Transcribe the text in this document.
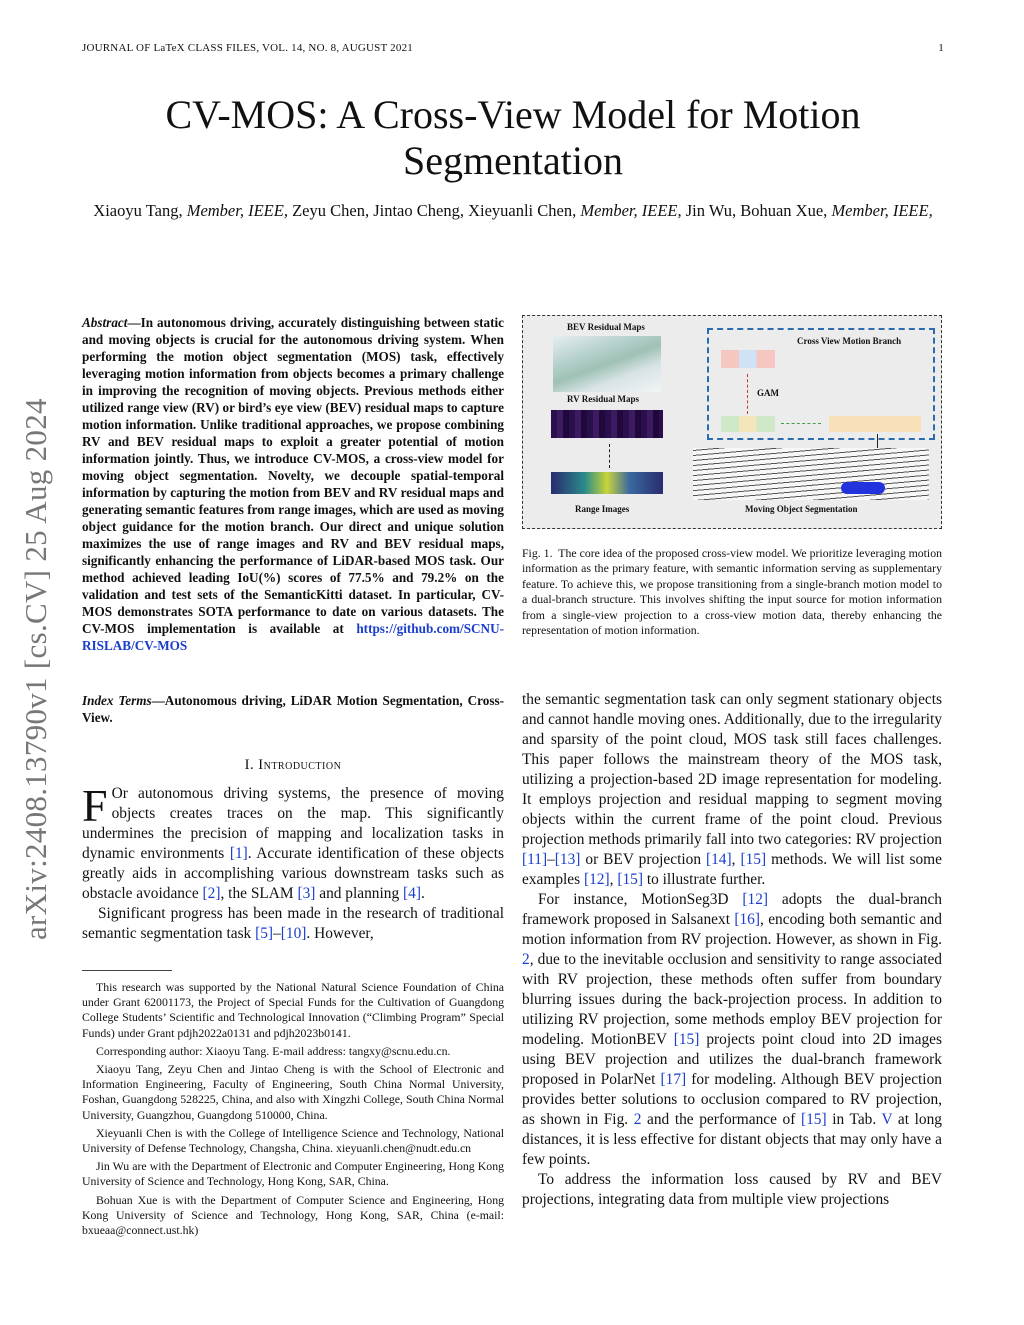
JOURNAL OF LaTeX CLASS FILES, VOL. 14, NO. 8, AUGUST 2021	1
CV-MOS: A Cross-View Model for Motion Segmentation
Xiaoyu Tang, Member, IEEE, Zeyu Chen, Jintao Cheng, Xieyuanli Chen, Member, IEEE, Jin Wu, Bohuan Xue, Member, IEEE,
arXiv:2408.13790v1 [cs.CV] 25 Aug 2024
Abstract—In autonomous driving, accurately distinguishing between static and moving objects is crucial for the autonomous driving system. When performing the motion object segmentation (MOS) task, effectively leveraging motion information from objects becomes a primary challenge in improving the recognition of moving objects. Previous methods either utilized range view (RV) or bird’s eye view (BEV) residual maps to capture motion information. Unlike traditional approaches, we propose combining RV and BEV residual maps to exploit a greater potential of motion information jointly. Thus, we introduce CV-MOS, a cross-view model for moving object segmentation. Novelty, we decouple spatial-temporal information by capturing the motion from BEV and RV residual maps and generating semantic features from range images, which are used as moving object guidance for the motion branch. Our direct and unique solution maximizes the use of range images and RV and BEV residual maps, significantly enhancing the performance of LiDAR-based MOS task. Our method achieved leading IoU(%) scores of 77.5% and 79.2% on the validation and test sets of the SemanticKitti dataset. In particular, CV-MOS demonstrates SOTA performance to date on various datasets. The CV-MOS implementation is available at https://github.com/SCNU-RISLAB/CV-MOS
Index Terms—Autonomous driving, LiDAR Motion Segmentation, Cross-View.
I. Introduction

F Or autonomous driving systems, the presence of moving objects creates traces on the map. This significantly undermines the precision of mapping and localization tasks in dynamic environments [1]. Accurate identification of these objects greatly aids in accomplishing various downstream tasks such as obstacle avoidance [2], the SLAM [3] and planning [4].

Significant progress has been made in the research of traditional semantic segmentation task [5]–[10]. However,

This research was supported by the National Natural Science Foundation of China under Grant 62001173, the Project of Special Funds for the Cultivation of Guangdong College Students’ Scientific and Technological Innovation (“Climbing Program” Special Funds) under Grant pdjh2022a0131 and pdjh2023b0141.

Corresponding author: Xiaoyu Tang. E-mail address: tangxy@scnu.edu.cn.

Xiaoyu Tang, Zeyu Chen and Jintao Cheng is with the School of Electronic and Information Engineering, Faculty of Engineering, South China Normal University, Foshan, Guangdong 528225, China, and also with Xingzhi College, South China Normal University, Guangzhou, Guangdong 510000, China.

Xieyuanli Chen is with the College of Intelligence Science and Technology, National University of Defense Technology, Changsha, China. xieyuanli.chen@nudt.edu.cn

Jin Wu are with the Department of Electronic and Computer Engineering, Hong Kong University of Science and Technology, Hong Kong, SAR, China.

Bohuan Xue is with the Department of Computer Science and Engineering, Hong Kong University of Science and Technology, Hong Kong, SAR, China (e-mail: bxueaa@connect.ust.hk)

BEV Residual Maps
RV Residual Maps
Range Images
Cross View Motion Branch
GAM
Moving Object Segmentation
Fig. 1. The core idea of the proposed cross-view model. We prioritize leveraging motion information as the primary feature, with semantic information serving as supplementary feature. To achieve this, we propose transitioning from a single-branch motion model to a dual-branch structure. This involves shifting the input source for motion information from a single-view projection to a cross-view motion data, thereby enhancing the representation of motion information.

the semantic segmentation task can only segment stationary objects and cannot handle moving ones. Additionally, due to the irregularity and sparsity of the point cloud, MOS task still faces challenges. This paper follows the mainstream theory of the MOS task, utilizing a projection-based 2D image representation for modeling. It employs projection and residual mapping to segment moving objects within the current frame of the point cloud. Previous projection methods primarily fall into two categories: RV projection [11]–[13] or BEV projection [14], [15] methods. We will list some examples [12], [15] to illustrate further.

For instance, MotionSeg3D [12] adopts the dual-branch framework proposed in Salsanext [16], encoding both semantic and motion information from RV projection. However, as shown in Fig. 2, due to the inevitable occlusion and sensitivity to range associated with RV projection, these methods often suffer from boundary blurring issues during the back-projection process. In addition to utilizing RV projection, some methods employ BEV projection for modeling. MotionBEV [15] projects point cloud into 2D images using BEV projection and utilizes the dual-branch framework proposed in PolarNet [17] for modeling. Although BEV projection provides better solutions to occlusion compared to RV projection, as shown in Fig. 2 and the performance of [15] in Tab. V at long distances, it is less effective for distant objects that may only have a few points.

To address the information loss caused by RV and BEV projections, integrating data from multiple view projections
